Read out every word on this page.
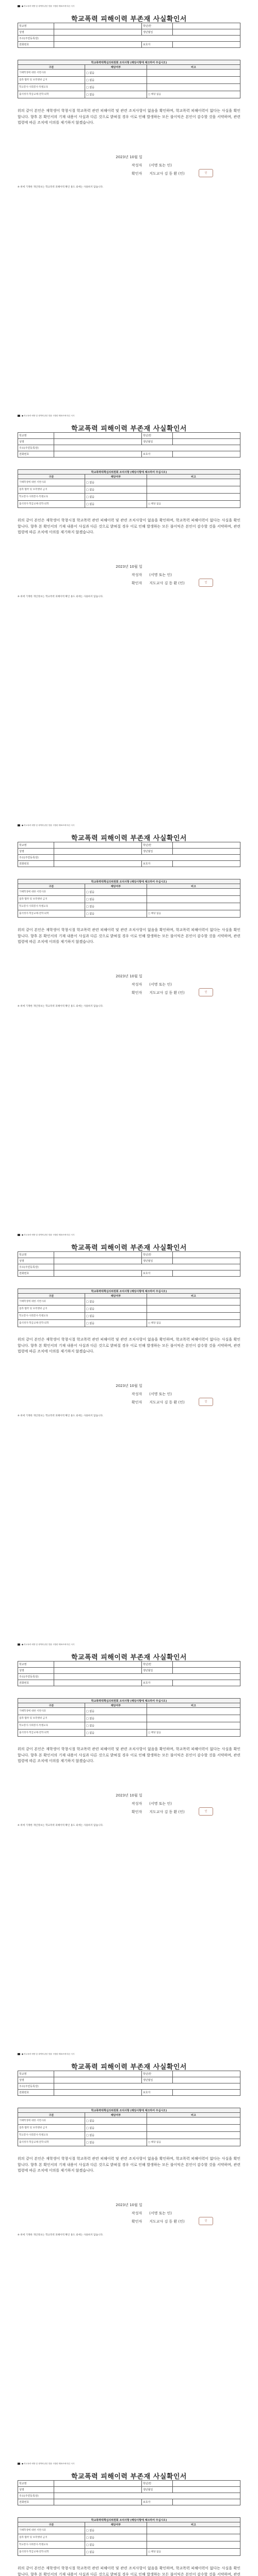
● 학교폭력 예방 및 대책에 관한 법률 시행령 제33조에 따른 서식
학교폭력 피해이력 부존재 사실확인서
학교명		학년/반	
성명		생년월일	
주소(주민등록상)			
전화번호		보호자	
학교폭력대책심의위원회 조치사항 (해당사항에 체크하여 주십시오)		
구분	해당여부	비고
가해학생에 대한 서면사과	□ 없음	
접촉·협박 및 보복행위 금지	□ 없음	
학교봉사·사회봉사·특별교육	□ 없음	
출석정지·학급교체·전학·퇴학	□ 없음	□ 해당 없음
위의 같이 본인은 재학생이 학창시절 학교폭력 관련 피해이력 및 관련 조치사항이 없음을 확인하며, 학교폭력 피해이력이 없다는 사실을 확인합니다. 향후 본 확인서의 기재 내용이 사실과 다른 것으로 밝혀질 경우 이로 인해 발생하는 모든 불이익은 본인이 감수할 것을 서약하며, 관련 법령에 따른 조치에 이의를 제기하지 않겠습니다.
2023년 10월 일
작성자 (서명 또는 인)
확인자 지도교사 김 동 환 (인)	인
※ 위에 기재한 개인정보는 학교폭력 피해이력 확인 용도 외에는 사용하지 않습니다.
● 학교폭력 예방 및 대책에 관한 법률 시행령 제33조에 따른 서식
학교폭력 피해이력 부존재 사실확인서
학교명		학년/반	
성명		생년월일	
주소(주민등록상)			
전화번호		보호자	
학교폭력대책심의위원회 조치사항 (해당사항에 체크하여 주십시오)		
구분	해당여부	비고
가해학생에 대한 서면사과	□ 없음	
접촉·협박 및 보복행위 금지	□ 없음	
학교봉사·사회봉사·특별교육	□ 없음	
출석정지·학급교체·전학·퇴학	□ 없음	□ 해당 없음
위의 같이 본인은 재학생이 학창시절 학교폭력 관련 피해이력 및 관련 조치사항이 없음을 확인하며, 학교폭력 피해이력이 없다는 사실을 확인합니다. 향후 본 확인서의 기재 내용이 사실과 다른 것으로 밝혀질 경우 이로 인해 발생하는 모든 불이익은 본인이 감수할 것을 서약하며, 관련 법령에 따른 조치에 이의를 제기하지 않겠습니다.
2023년 10월 일
작성자 (서명 또는 인)
확인자 지도교사 김 동 환 (인)	인
※ 위에 기재한 개인정보는 학교폭력 피해이력 확인 용도 외에는 사용하지 않습니다.
● 학교폭력 예방 및 대책에 관한 법률 시행령 제33조에 따른 서식
학교폭력 피해이력 부존재 사실확인서
학교명		학년/반	
성명		생년월일	
주소(주민등록상)			
전화번호		보호자	
학교폭력대책심의위원회 조치사항 (해당사항에 체크하여 주십시오)		
구분	해당여부	비고
가해학생에 대한 서면사과	□ 없음	
접촉·협박 및 보복행위 금지	□ 없음	
학교봉사·사회봉사·특별교육	□ 없음	
출석정지·학급교체·전학·퇴학	□ 없음	□ 해당 없음
위의 같이 본인은 재학생이 학창시절 학교폭력 관련 피해이력 및 관련 조치사항이 없음을 확인하며, 학교폭력 피해이력이 없다는 사실을 확인합니다. 향후 본 확인서의 기재 내용이 사실과 다른 것으로 밝혀질 경우 이로 인해 발생하는 모든 불이익은 본인이 감수할 것을 서약하며, 관련 법령에 따른 조치에 이의를 제기하지 않겠습니다.
2023년 10월 일
작성자 (서명 또는 인)
확인자 지도교사 김 동 환 (인)	인
※ 위에 기재한 개인정보는 학교폭력 피해이력 확인 용도 외에는 사용하지 않습니다.
● 학교폭력 예방 및 대책에 관한 법률 시행령 제33조에 따른 서식
학교폭력 피해이력 부존재 사실확인서
학교명		학년/반	
성명		생년월일	
주소(주민등록상)			
전화번호		보호자	
학교폭력대책심의위원회 조치사항 (해당사항에 체크하여 주십시오)		
구분	해당여부	비고
가해학생에 대한 서면사과	□ 없음	
접촉·협박 및 보복행위 금지	□ 없음	
학교봉사·사회봉사·특별교육	□ 없음	
출석정지·학급교체·전학·퇴학	□ 없음	□ 해당 없음
위의 같이 본인은 재학생이 학창시절 학교폭력 관련 피해이력 및 관련 조치사항이 없음을 확인하며, 학교폭력 피해이력이 없다는 사실을 확인합니다. 향후 본 확인서의 기재 내용이 사실과 다른 것으로 밝혀질 경우 이로 인해 발생하는 모든 불이익은 본인이 감수할 것을 서약하며, 관련 법령에 따른 조치에 이의를 제기하지 않겠습니다.
2023년 10월 일
작성자 (서명 또는 인)
확인자 지도교사 김 동 환 (인)	인
※ 위에 기재한 개인정보는 학교폭력 피해이력 확인 용도 외에는 사용하지 않습니다.
● 학교폭력 예방 및 대책에 관한 법률 시행령 제33조에 따른 서식
학교폭력 피해이력 부존재 사실확인서
학교명		학년/반	
성명		생년월일	
주소(주민등록상)			
전화번호		보호자	
학교폭력대책심의위원회 조치사항 (해당사항에 체크하여 주십시오)		
구분	해당여부	비고
가해학생에 대한 서면사과	□ 없음	
접촉·협박 및 보복행위 금지	□ 없음	
학교봉사·사회봉사·특별교육	□ 없음	
출석정지·학급교체·전학·퇴학	□ 없음	□ 해당 없음
위의 같이 본인은 재학생이 학창시절 학교폭력 관련 피해이력 및 관련 조치사항이 없음을 확인하며, 학교폭력 피해이력이 없다는 사실을 확인합니다. 향후 본 확인서의 기재 내용이 사실과 다른 것으로 밝혀질 경우 이로 인해 발생하는 모든 불이익은 본인이 감수할 것을 서약하며, 관련 법령에 따른 조치에 이의를 제기하지 않겠습니다.
2023년 10월 일
작성자 (서명 또는 인)
확인자 지도교사 김 동 환 (인)	인
※ 위에 기재한 개인정보는 학교폭력 피해이력 확인 용도 외에는 사용하지 않습니다.
● 학교폭력 예방 및 대책에 관한 법률 시행령 제33조에 따른 서식
학교폭력 피해이력 부존재 사실확인서
학교명		학년/반	
성명		생년월일	
주소(주민등록상)			
전화번호		보호자	
학교폭력대책심의위원회 조치사항 (해당사항에 체크하여 주십시오)		
구분	해당여부	비고
가해학생에 대한 서면사과	□ 없음	
접촉·협박 및 보복행위 금지	□ 없음	
학교봉사·사회봉사·특별교육	□ 없음	
출석정지·학급교체·전학·퇴학	□ 없음	□ 해당 없음
위의 같이 본인은 재학생이 학창시절 학교폭력 관련 피해이력 및 관련 조치사항이 없음을 확인하며, 학교폭력 피해이력이 없다는 사실을 확인합니다. 향후 본 확인서의 기재 내용이 사실과 다른 것으로 밝혀질 경우 이로 인해 발생하는 모든 불이익은 본인이 감수할 것을 서약하며, 관련 법령에 따른 조치에 이의를 제기하지 않겠습니다.
2023년 10월 일
작성자 (서명 또는 인)
확인자 지도교사 김 동 환 (인)	인
※ 위에 기재한 개인정보는 학교폭력 피해이력 확인 용도 외에는 사용하지 않습니다.
● 학교폭력 예방 및 대책에 관한 법률 시행령 제33조에 따른 서식
학교폭력 피해이력 부존재 사실확인서
학교명		학년/반	
성명		생년월일	
주소(주민등록상)			
전화번호		보호자	
학교폭력대책심의위원회 조치사항 (해당사항에 체크하여 주십시오)		
구분	해당여부	비고
가해학생에 대한 서면사과	□ 없음	
접촉·협박 및 보복행위 금지	□ 없음	
학교봉사·사회봉사·특별교육	□ 없음	
출석정지·학급교체·전학·퇴학	□ 없음	□ 해당 없음
위의 같이 본인은 재학생이 학창시절 학교폭력 관련 피해이력 및 관련 조치사항이 없음을 확인하며, 학교폭력 피해이력이 없다는 사실을 확인합니다. 향후 본 확인서의 기재 내용이 사실과 다른 것으로 밝혀질 경우 이로 인해 발생하는 모든 불이익은 본인이 감수할 것을 서약하며, 관련
